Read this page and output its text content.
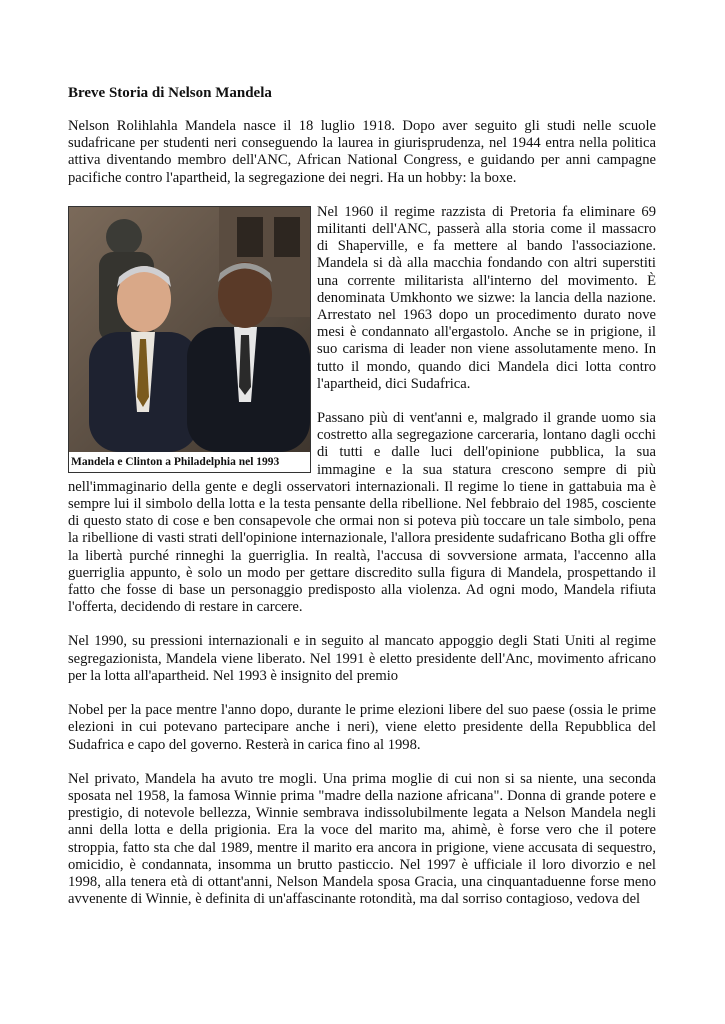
Breve Storia di Nelson Mandela

Nelson Rolihlahla Mandela nasce il 18 luglio 1918. Dopo aver seguito gli studi nelle scuole sudafricane per studenti neri conseguendo la laurea in giurisprudenza, nel 1944 entra nella politica attiva diventando membro dell'ANC, African National Congress, e guidando per anni campagne pacifiche contro l'apartheid, la segregazione dei negri. Ha un hobby: la boxe.

Mandela e Clinton a Philadelphia nel 1993

Nel 1960 il regime razzista di Pretoria fa eliminare 69 militanti dell'ANC, passerà alla storia come il massacro di Shaperville, e fa mettere al bando l'associazione. Mandela si dà alla macchia fondando con altri superstiti una corrente militarista all'interno del movimento. È denominata Umkhonto we sizwe: la lancia della nazione. Arrestato nel 1963 dopo un procedimento durato nove mesi è condannato all'ergastolo. Anche se in prigione, il suo carisma di leader non viene assolutamente meno. In tutto il mondo, quando dici Mandela dici lotta contro l'apartheid, dici Sudafrica.

Passano più di vent'anni e, malgrado il grande uomo sia costretto alla segregazione carceraria, lontano dagli occhi di tutti e dalle luci dell'opinione pubblica, la sua immagine e la sua statura crescono sempre di più nell'immaginario della gente e degli osservatori internazionali. Il regime lo tiene in gattabuia ma è sempre lui il simbolo della lotta e la testa pensante della ribellione. Nel febbraio del 1985, cosciente di questo stato di cose e ben consapevole che ormai non si poteva più toccare un tale simbolo, pena la ribellione di vasti strati dell'opinione internazionale, l'allora presidente sudafricano Botha gli offre la libertà purché rinneghi la guerriglia. In realtà, l'accusa di sovversione armata, l'accenno alla guerriglia appunto, è solo un modo per gettare discredito sulla figura di Mandela, prospettando il fatto che fosse di base un personaggio predisposto alla violenza. Ad ogni modo, Mandela rifiuta l'offerta, decidendo di restare in carcere.

Nel 1990, su pressioni internazionali e in seguito al mancato appoggio degli Stati Uniti al regime segregazionista, Mandela viene liberato. Nel 1991 è eletto presidente dell'Anc, movimento africano per la lotta all'apartheid. Nel 1993 è insignito del premio

Nobel per la pace mentre l'anno dopo, durante le prime elezioni libere del suo paese (ossia le prime elezioni in cui potevano partecipare anche i neri), viene eletto presidente della Repubblica del Sudafrica e capo del governo. Resterà in carica fino al 1998.

Nel privato, Mandela ha avuto tre mogli. Una prima moglie di cui non si sa niente, una seconda sposata nel 1958, la famosa Winnie prima "madre della nazione africana". Donna di grande potere e prestigio, di notevole bellezza, Winnie sembrava indissolubilmente legata a Nelson Mandela negli anni della lotta e della prigionia. Era la voce del marito ma, ahimè, è forse vero che il potere stroppia, fatto sta che dal 1989, mentre il marito era ancora in prigione, viene accusata di sequestro, omicidio, è condannata, insomma un brutto pasticcio. Nel 1997 è ufficiale il loro divorzio e nel 1998, alla tenera età di ottant'anni, Nelson Mandela sposa Gracia, una cinquantaduenne forse meno avvenente di Winnie, è definita di un'affascinante rotondità, ma dal sorriso contagioso, vedova del
